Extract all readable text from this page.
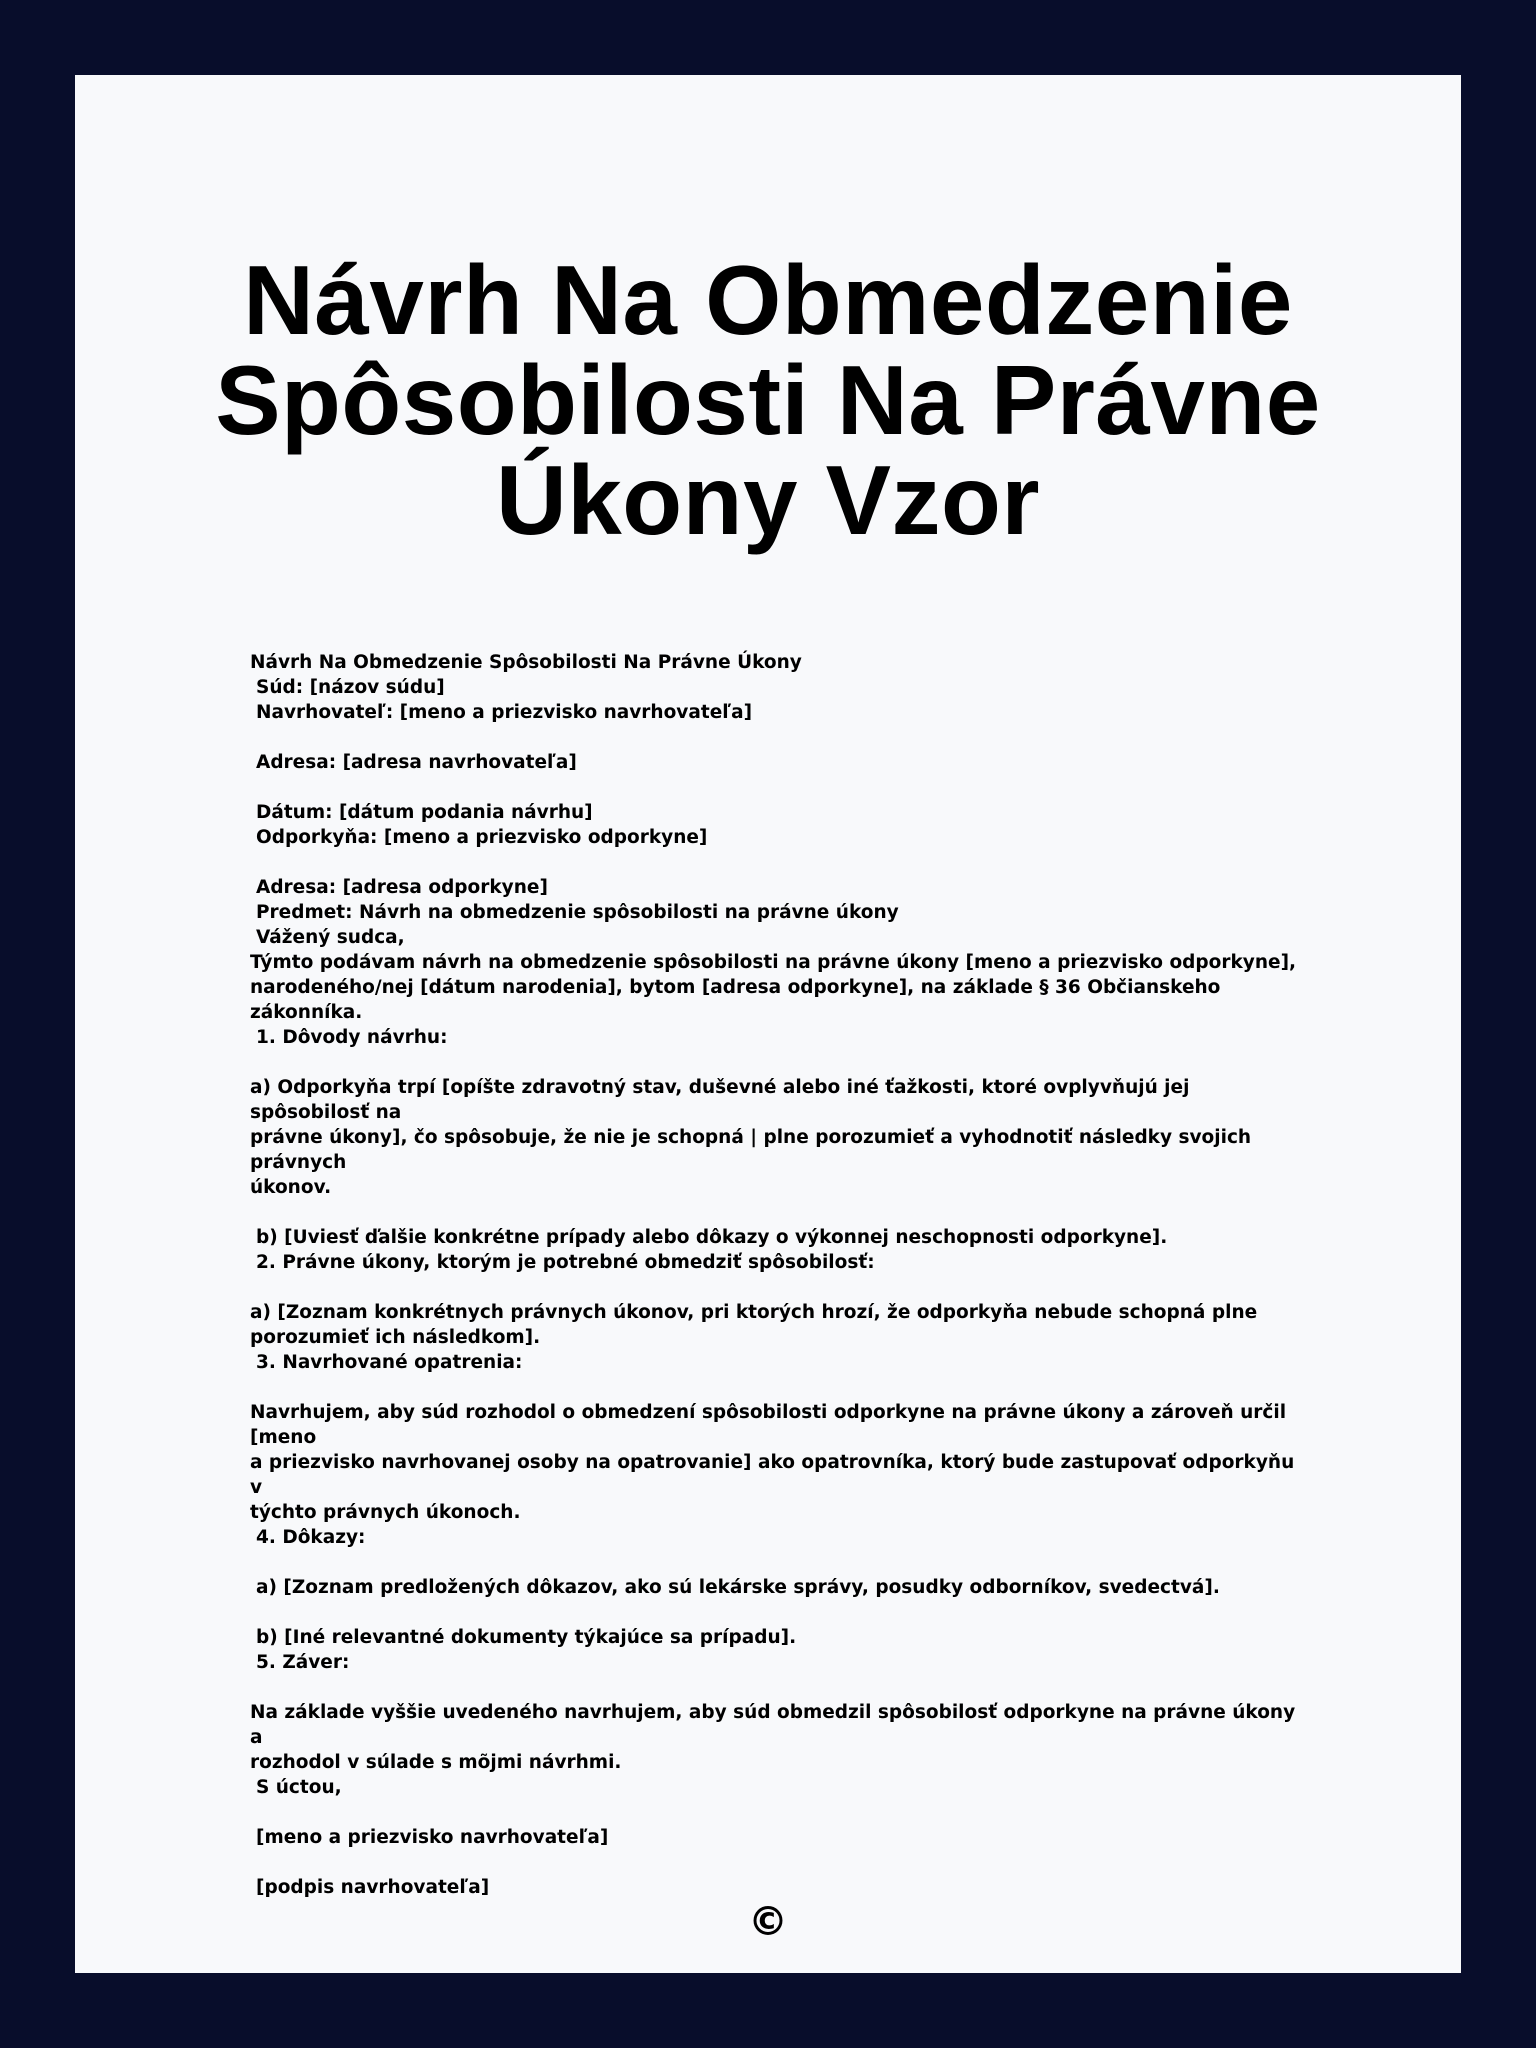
Návrh Na Obmedzenie
Spôsobilosti Na Právne
Úkony Vzor
Návrh Na Obmedzenie Spôsobilosti Na Právne Úkony
Súd: [názov súdu]
Navrhovateľ: [meno a priezvisko navrhovateľa]
Adresa: [adresa navrhovateľa]
Dátum: [dátum podania návrhu]
Odporkyňa: [meno a priezvisko odporkyne]
Adresa: [adresa odporkyne]
Predmet: Návrh na obmedzenie spôsobilosti na právne úkony
Vážený sudca,
Týmto podávam návrh na obmedzenie spôsobilosti na právne úkony [meno a priezvisko odporkyne],
narodeného/nej [dátum narodenia], bytom [adresa odporkyne], na základe § 36 Občianskeho zákonníka.
1. Dôvody návrhu:
a) Odporkyňa trpí [opíšte zdravotný stav, duševné alebo iné ťažkosti, ktoré ovplyvňujú jej spôsobilosť na
právne úkony], čo spôsobuje, že nie je schopná | plne porozumieť a vyhodnotiť následky svojich právnych
úkonov.
b) [Uviesť ďalšie konkrétne prípady alebo dôkazy o výkonnej neschopnosti odporkyne].
2. Právne úkony, ktorým je potrebné obmedziť spôsobilosť:
a) [Zoznam konkrétnych právnych úkonov, pri ktorých hrozí, že odporkyňa nebude schopná plne
porozumieť ich následkom].
3. Navrhované opatrenia:
Navrhujem, aby súd rozhodol o obmedzení spôsobilosti odporkyne na právne úkony a zároveň určil [meno
a priezvisko navrhovanej osoby na opatrovanie] ako opatrovníka, ktorý bude zastupovať odporkyňu v
týchto právnych úkonoch.
4. Dôkazy:
a) [Zoznam predložených dôkazov, ako sú lekárske správy, posudky odborníkov, svedectvá].
b) [Iné relevantné dokumenty týkajúce sa prípadu].
5. Záver:
Na základe vyššie uvedeného navrhujem, aby súd obmedzil spôsobilosť odporkyne na právne úkony a
rozhodol v súlade s mõjmi návrhmi.
S úctou,
[meno a priezvisko navrhovateľa]
[podpis navrhovateľa]
©
